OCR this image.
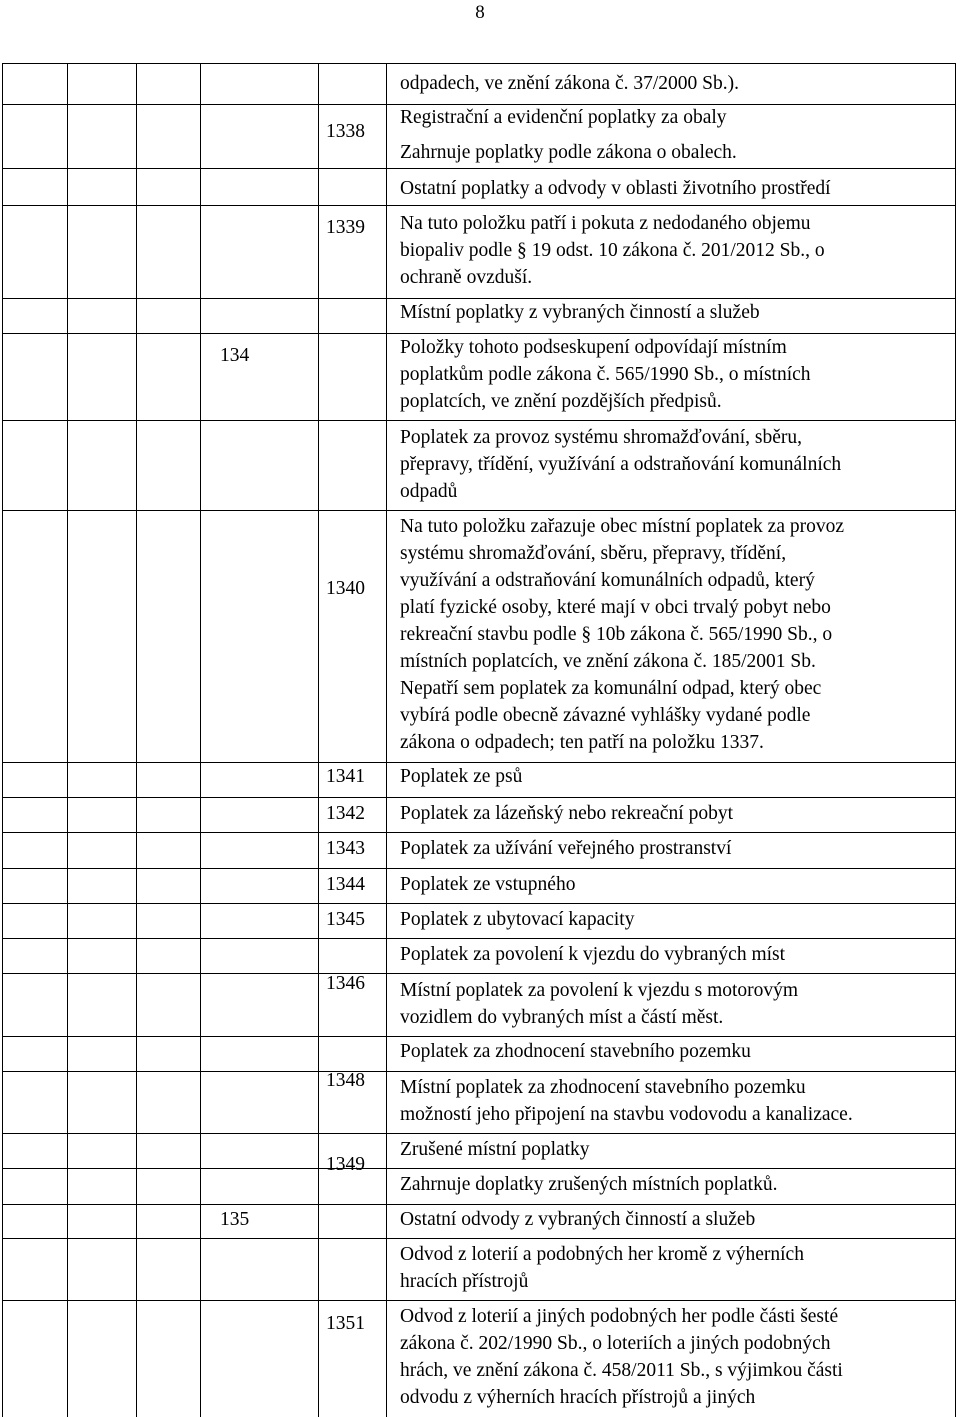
8
1338
1339
134
1340
1341
1342
1343
1344
1345
1346
1348
1349
135
1351
odpadech, ve znění zákona č. 37/2000 Sb.).
Registrační a evidenční poplatky za obaly
Zahrnuje poplatky podle zákona o obalech.
Ostatní poplatky a odvody v oblasti životního prostředí
Na tuto položku patří i pokuta z nedodaného objemu
biopaliv podle § 19 odst. 10 zákona č. 201/2012 Sb., o
ochraně ovzduší.
Místní poplatky z vybraných činností a služeb
Položky tohoto podseskupení odpovídají místním
poplatkům podle zákona č. 565/1990 Sb., o místních
poplatcích, ve znění pozdějších předpisů.
Poplatek za provoz systému shromažďování, sběru,
přepravy, třídění, využívání a odstraňování komunálních
odpadů
Na tuto položku zařazuje obec místní poplatek za provoz
systému shromažďování, sběru, přepravy, třídění,
využívání a odstraňování komunálních odpadů, který
platí fyzické osoby, které mají v obci trvalý pobyt nebo
rekreační stavbu podle § 10b zákona č. 565/1990 Sb., o
místních poplatcích, ve znění zákona č. 185/2001 Sb.
Nepatří sem poplatek za komunální odpad, který obec
vybírá podle obecně závazné vyhlášky vydané podle
zákona o odpadech; ten patří na položku 1337.
Poplatek ze psů
Poplatek za lázeňský nebo rekreační pobyt
Poplatek za užívání veřejného prostranství
Poplatek ze vstupného
Poplatek z ubytovací kapacity
Poplatek za povolení k vjezdu do vybraných míst
Místní poplatek za povolení k vjezdu s motorovým
vozidlem do vybraných míst a částí měst.
Poplatek za zhodnocení stavebního pozemku
Místní poplatek za zhodnocení stavebního pozemku
možností jeho připojení na stavbu vodovodu a kanalizace.
Zrušené místní poplatky
Zahrnuje doplatky zrušených místních poplatků.
Ostatní odvody z vybraných činností a služeb
Odvod z loterií a podobných her kromě z výherních
hracích přístrojů
Odvod z loterií a jiných podobných her podle části šesté
zákona č. 202/1990 Sb., o loteriích a jiných podobných
hrách, ve znění zákona č. 458/2011 Sb., s výjimkou části
odvodu z výherních hracích přístrojů a jiných
